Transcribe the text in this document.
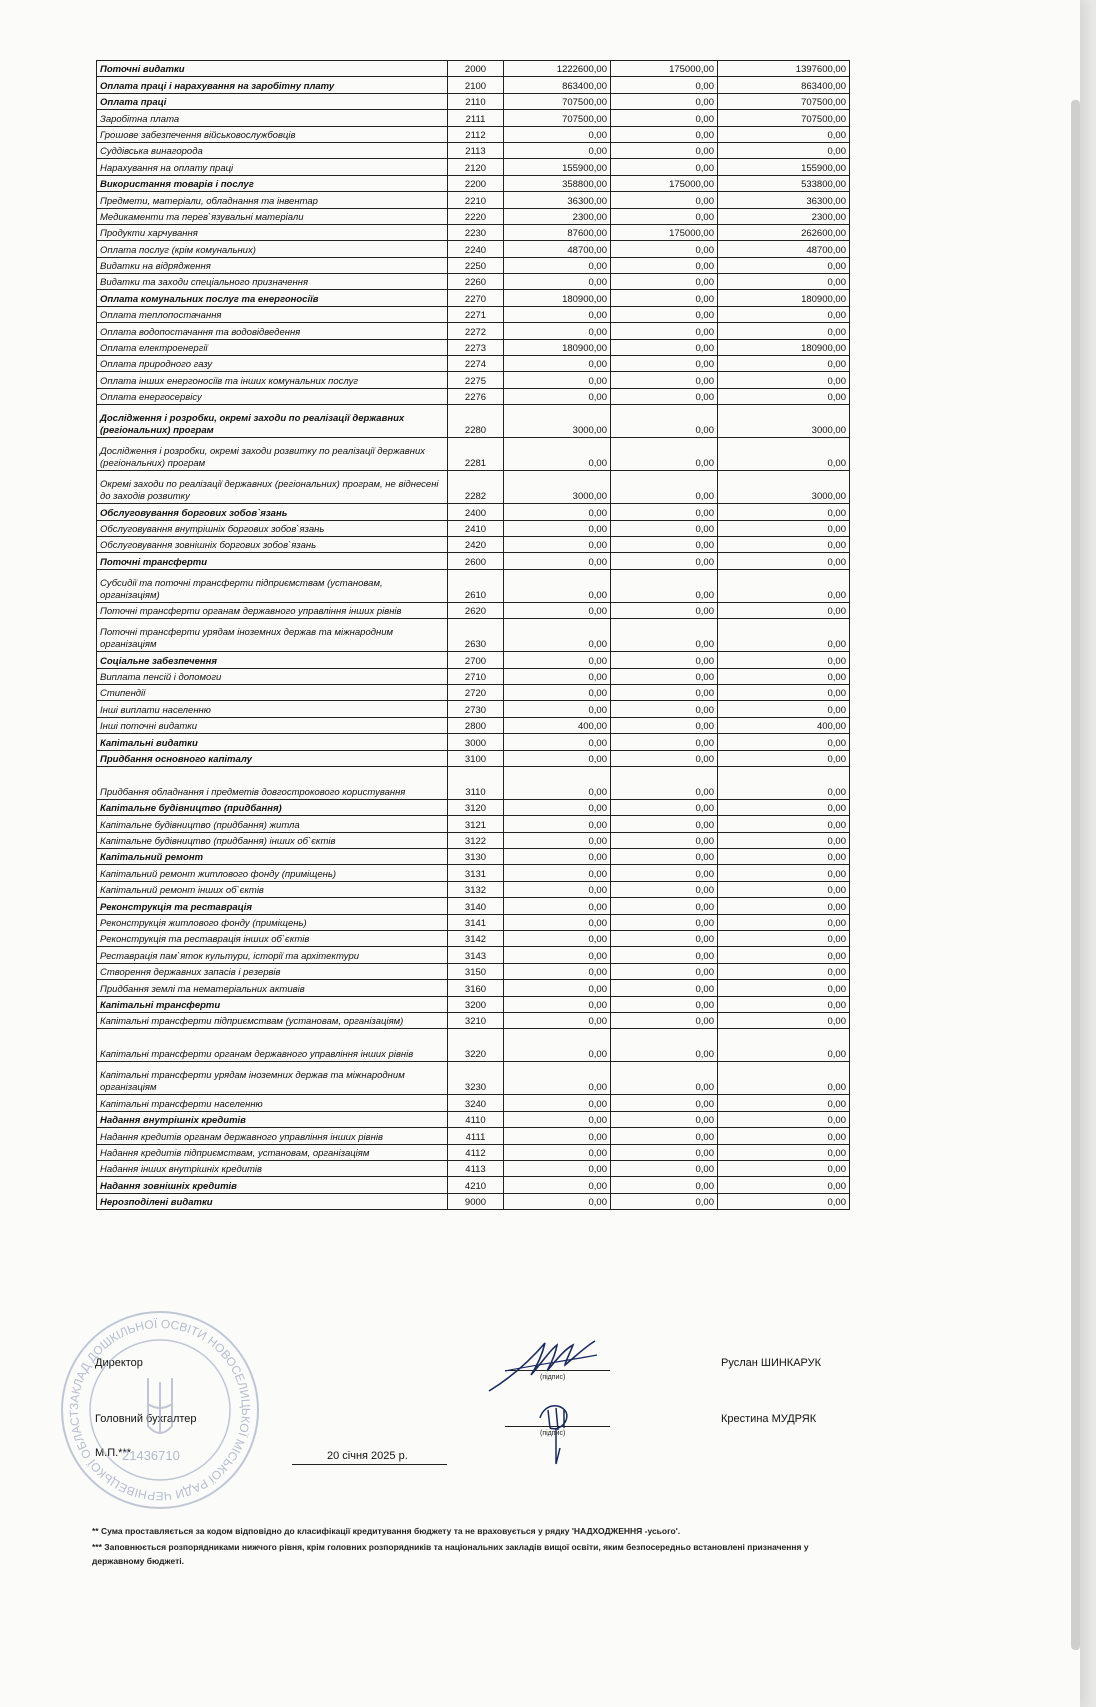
Поточні видатки	2000	1222600,00	175000,00	1397600,00
Оплата праці і нарахування на заробітну плату	2100	863400,00	0,00	863400,00
Оплата праці	2110	707500,00	0,00	707500,00
Заробітна плата	2111	707500,00	0,00	707500,00
Грошове забезпечення військовослужбовців	2112	0,00	0,00	0,00
Суддівська винагорода	2113	0,00	0,00	0,00
Нарахування на оплату праці	2120	155900,00	0,00	155900,00
Використання товарів і послуг	2200	358800,00	175000,00	533800,00
Предмети, матеріали, обладнання та інвентар	2210	36300,00	0,00	36300,00
Медикаменти та перев`язувальні матеріали	2220	2300,00	0,00	2300,00
Продукти харчування	2230	87600,00	175000,00	262600,00
Оплата послуг (крім комунальних)	2240	48700,00	0,00	48700,00
Видатки на відрядження	2250	0,00	0,00	0,00
Видатки та заходи спеціального призначення	2260	0,00	0,00	0,00
Оплата комунальних послуг та енергоносіїв	2270	180900,00	0,00	180900,00
Оплата теплопостачання	2271	0,00	0,00	0,00
Оплата водопостачання та водовідведення	2272	0,00	0,00	0,00
Оплата електроенергії	2273	180900,00	0,00	180900,00
Оплата природного газу	2274	0,00	0,00	0,00
Оплата інших енергоносіїв та інших комунальних послуг	2275	0,00	0,00	0,00
Оплата енергосервісу	2276	0,00	0,00	0,00
Дослідження і розробки, окремі заходи по реалізації державних (регіональних) програм	2280	3000,00	0,00	3000,00
Дослідження і розробки, окремі заходи розвитку по реалізації державних (регіональних) програм	2281	0,00	0,00	0,00
Окремі заходи по реалізації державних (регіональних) програм, не віднесені до заходів розвитку	2282	3000,00	0,00	3000,00
Обслуговування боргових зобов`язань	2400	0,00	0,00	0,00
Обслуговування внутрішніх боргових зобов`язань	2410	0,00	0,00	0,00
Обслуговування зовнішніх боргових зобов`язань	2420	0,00	0,00	0,00
Поточні трансферти	2600	0,00	0,00	0,00
Субсидії та поточні трансферти підприємствам (установам, організаціям)	2610	0,00	0,00	0,00
Поточні трансферти органам державного управління інших рівнів	2620	0,00	0,00	0,00
Поточні трансферти урядам іноземних держав та міжнародним організаціям	2630	0,00	0,00	0,00
Соціальне забезпечення	2700	0,00	0,00	0,00
Виплата пенсій і допомоги	2710	0,00	0,00	0,00
Стипендії	2720	0,00	0,00	0,00
Інші виплати населенню	2730	0,00	0,00	0,00
Інші поточні видатки	2800	400,00	0,00	400,00
Капітальні видатки	3000	0,00	0,00	0,00
Придбання основного капіталу	3100	0,00	0,00	0,00
Придбання обладнання і предметів довгострокового користування	3110	0,00	0,00	0,00
Капітальне будівництво (придбання)	3120	0,00	0,00	0,00
Капітальне будівництво (придбання) житла	3121	0,00	0,00	0,00
Капітальне будівництво (придбання) інших об`єктів	3122	0,00	0,00	0,00
Капітальний ремонт	3130	0,00	0,00	0,00
Капітальний ремонт житлового фонду (приміщень)	3131	0,00	0,00	0,00
Капітальний ремонт інших об`єктів	3132	0,00	0,00	0,00
Реконструкція та реставрація	3140	0,00	0,00	0,00
Реконструкція житлового фонду (приміщень)	3141	0,00	0,00	0,00
Реконструкція та реставрація інших об`єктів	3142	0,00	0,00	0,00
Реставрація пам`яток культури, історії та архітектури	3143	0,00	0,00	0,00
Створення державних запасів і резервів	3150	0,00	0,00	0,00
Придбання землі та нематеріальних активів	3160	0,00	0,00	0,00
Капітальні трансферти	3200	0,00	0,00	0,00
Капітальні трансферти підприємствам (установам, організаціям)	3210	0,00	0,00	0,00
Капітальні трансферти органам державного управління інших рівнів	3220	0,00	0,00	0,00
Капітальні трансферти урядам іноземних держав та міжнародним організаціям	3230	0,00	0,00	0,00
Капітальні трансферти населенню	3240	0,00	0,00	0,00
Надання внутрішніх кредитів	4110	0,00	0,00	0,00
Надання кредитів органам державного управління інших рівнів	4111	0,00	0,00	0,00
Надання кредитів підприємствам, установам, організаціям	4112	0,00	0,00	0,00
Надання інших внутрішніх кредитів	4113	0,00	0,00	0,00
Надання зовнішніх кредитів	4210	0,00	0,00	0,00
Нерозподілені видатки	9000	0,00	0,00	0,00
Директор
(підпис)
Руслан ШИНКАРУК
Головний бухгалтер
(підпис)
Крестина МУДРЯК
М.П.***	20 січня 2025 р.
ЗАКЛАД ДОШКІЛЬНОЇ ОСВІТИ НОВОСЕЛИЦЬКОЇ МІСЬКОЇ РАДИ ЧЕРНІВЕЦЬКОЇ ОБЛАСТ
21436710
** Сума проставляється за кодом відповідно до класифікації кредитування бюджету та не враховується у рядку 'НАДХОДЖЕННЯ -усього'.
*** Заповнюється розпорядниками нижчого рівня, крім головних розпорядників та національних закладів вищої освіти, яким безпосередньо встановлені призначення у державному бюджеті.
